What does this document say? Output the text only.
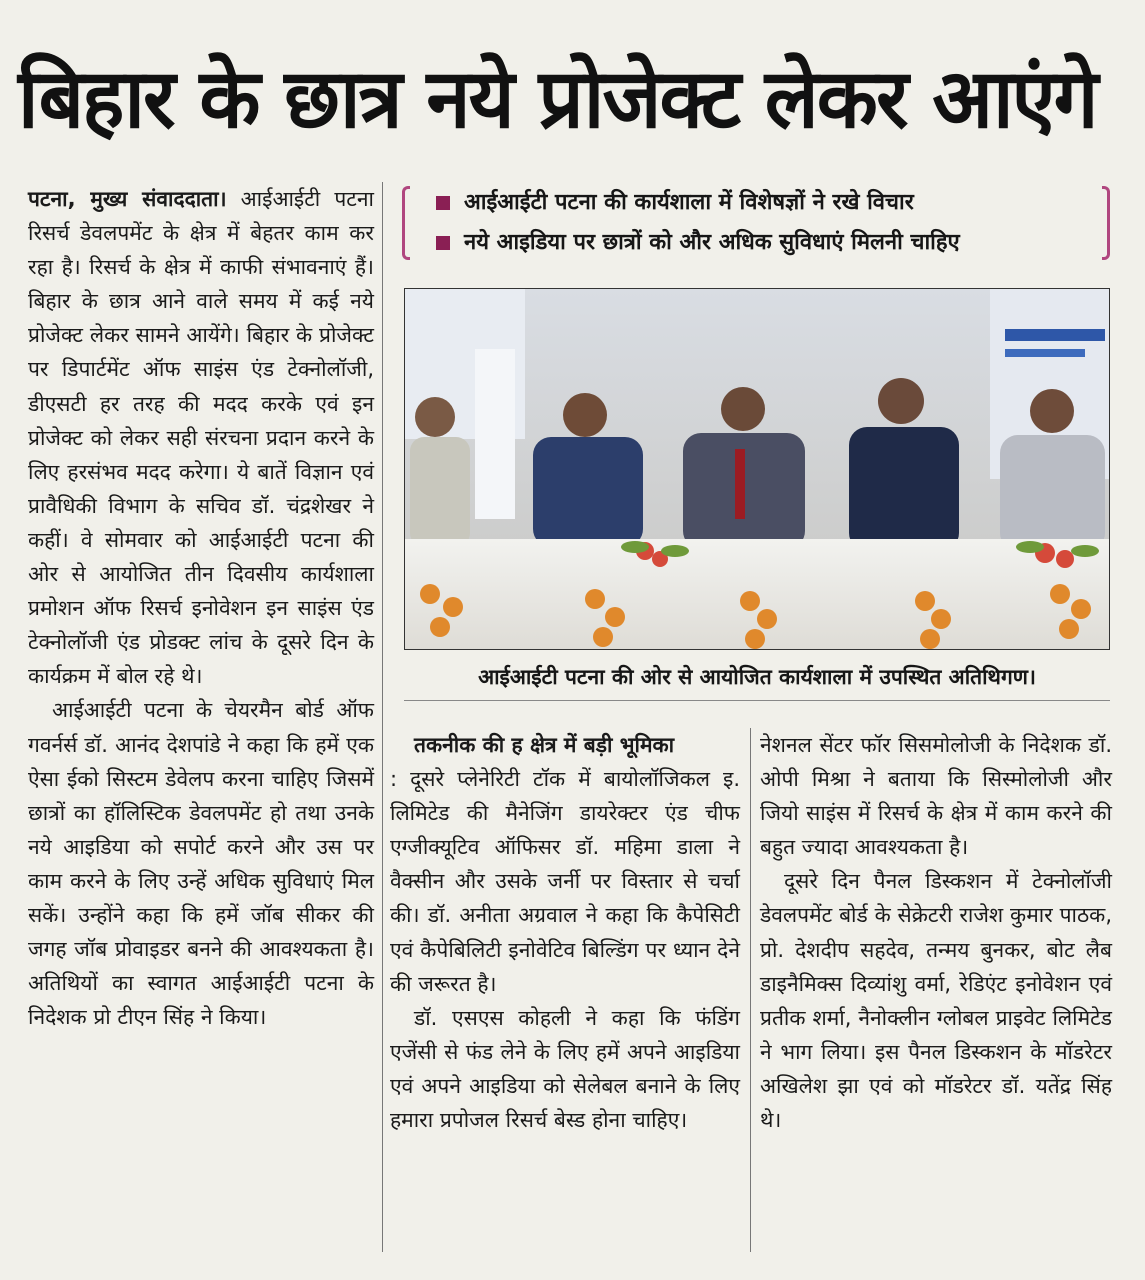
बिहार के छात्र नये प्रोजेक्ट लेकर आएंगे

पटना, मुख्य संवाददाता। आईआईटी पटना रिसर्च डेवलपमेंट के क्षेत्र में बेहतर काम कर रहा है। रिसर्च के क्षेत्र में काफी संभावनाएं हैं। बिहार के छात्र आने वाले समय में कई नये प्रोजेक्ट लेकर सामने आयेंगे। बिहार के प्रोजेक्ट पर डिपार्टमेंट ऑफ साइंस एंड टेक्नोलॉजी, डीएसटी हर तरह की मदद करके एवं इन प्रोजेक्ट को लेकर सही संरचना प्रदान करने के लिए हरसंभव मदद करेगा। ये बातें विज्ञान एवं प्रावैधिकी विभाग के सचिव डॉ. चंद्रशेखर ने कहीं। वे सोमवार को आईआईटी पटना की ओर से आयोजित तीन दिवसीय कार्यशाला प्रमोशन ऑफ रिसर्च इनोवेशन इन साइंस एंड टेक्नोलॉजी एंड प्रोडक्ट लांच के दूसरे दिन के कार्यक्रम में बोल रहे थे।

आईआईटी पटना के चेयरमैन बोर्ड ऑफ गवर्नर्स डॉ. आनंद देशपांडे ने कहा कि हमें एक ऐसा ईको सिस्टम डेवेलप करना चाहिए जिसमें छात्रों का हॉलिस्टिक डेवलपमेंट हो तथा उनके नये आइडिया को सपोर्ट करने और उस पर काम करने के लिए उन्हें अधिक सुविधाएं मिल सकें। उन्होंने कहा कि हमें जॉब सीकर की जगह जॉब प्रोवाइडर बनने की आवश्यकता है। अतिथियों का स्वागत आईआईटी पटना के निदेशक प्रो टीएन सिंह ने किया।

आईआईटी पटना की कार्यशाला में विशेषज्ञों ने रखे विचार
नये आइडिया पर छात्रों को और अधिक सुविधाएं मिलनी चाहिए
आईआईटी पटना की ओर से आयोजित कार्यशाला में उपस्थित अतिथिगण।
तकनीक की ह क्षेत्र में बड़ी भूमिका

: दूसरे प्लेनेरिटी टॉक में बायोलॉजिकल इ. लिमिटेड की मैनेजिंग डायरेक्टर एंड चीफ एग्जीक्यूटिव ऑफिसर डॉ. महिमा डाला ने वैक्सीन और उसके जर्नी पर विस्तार से चर्चा की। डॉ. अनीता अग्रवाल ने कहा कि कैपेसिटी एवं कैपेबिलिटी इनोवेटिव बिल्डिंग पर ध्यान देने की जरूरत है।

डॉ. एसएस कोहली ने कहा कि फंडिंग एजेंसी से फंड लेने के लिए हमें अपने आइडिया एवं अपने आइडिया को सेलेबल बनाने के लिए हमारा प्रपोजल रिसर्च बेस्ड होना चाहिए।

नेशनल सेंटर फॉर सिसमोलोजी के निदेशक डॉ. ओपी मिश्रा ने बताया कि सिस्मोलोजी और जियो साइंस में रिसर्च के क्षेत्र में काम करने की बहुत ज्यादा आवश्यकता है।

दूसरे दिन पैनल डिस्कशन में टेक्नोलॉजी डेवलपमेंट बोर्ड के सेक्रेटरी राजेश कुमार पाठक, प्रो. देशदीप सहदेव, तन्मय बुनकर, बोट लैब डाइनैमिक्स दिव्यांशु वर्मा, रेडिएंट इनोवेशन एवं प्रतीक शर्मा, नैनोक्लीन ग्लोबल प्राइवेट लिमिटेड ने भाग लिया। इस पैनल डिस्कशन के मॉडरेटर अखिलेश झा एवं को मॉडरेटर डॉ. यतेंद्र सिंह थे।
